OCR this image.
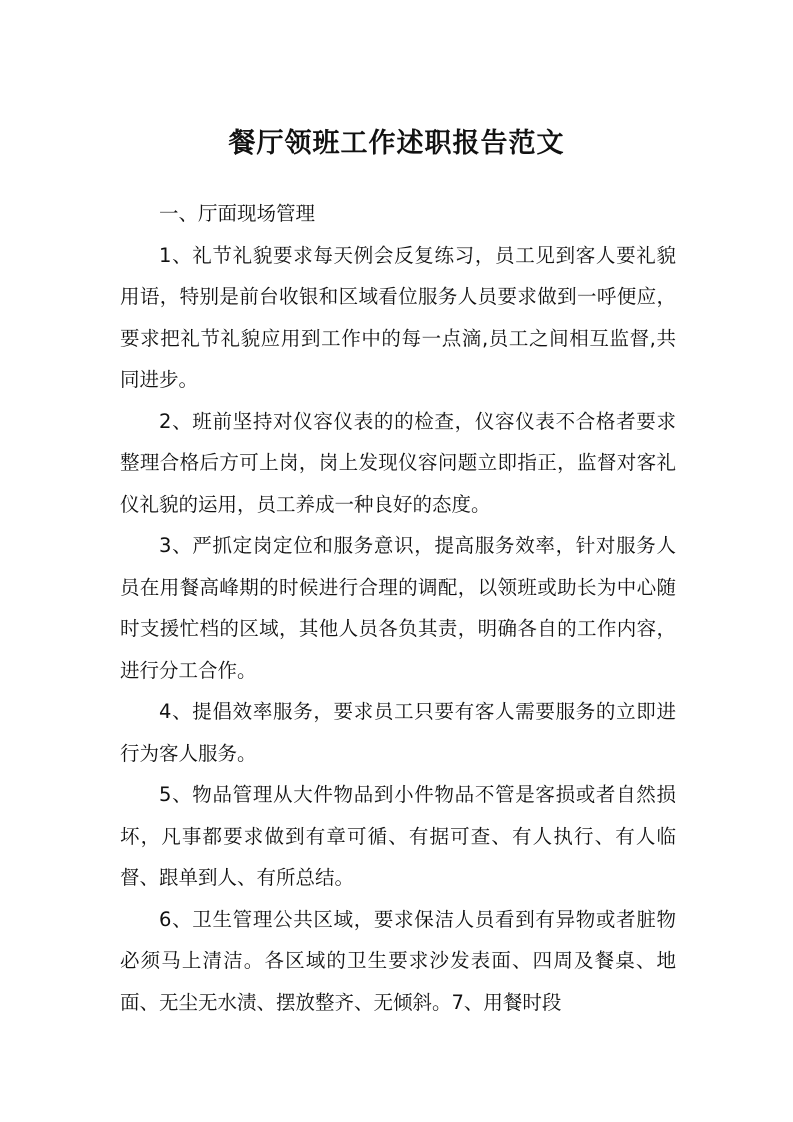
餐厅领班工作述职报告范文

一、厅面现场管理

1、礼节礼貌要求每天例会反复练习，员工见到客人要礼貌用语，特别是前台收银和区域看位服务人员要求做到一呼便应，要求把礼节礼貌应用到工作中的每一点滴,员工之间相互监督,共同进步。

2、班前坚持对仪容仪表的的检查，仪容仪表不合格者要求整理合格后方可上岗，岗上发现仪容问题立即指正，监督对客礼仪礼貌的运用，员工养成一种良好的态度。

3、严抓定岗定位和服务意识，提高服务效率，针对服务人员在用餐高峰期的时候进行合理的调配，以领班或助长为中心随时支援忙档的区域，其他人员各负其责，明确各自的工作内容，进行分工合作。

4、提倡效率服务，要求员工只要有客人需要服务的立即进行为客人服务。

5、物品管理从大件物品到小件物品不管是客损或者自然损坏，凡事都要求做到有章可循、有据可查、有人执行、有人临督、跟单到人、有所总结。

6、卫生管理公共区域，要求保洁人员看到有异物或者脏物必须马上清洁。各区域的卫生要求沙发表面、四周及餐桌、地面、无尘无水渍、摆放整齐、无倾斜。7、用餐时段
